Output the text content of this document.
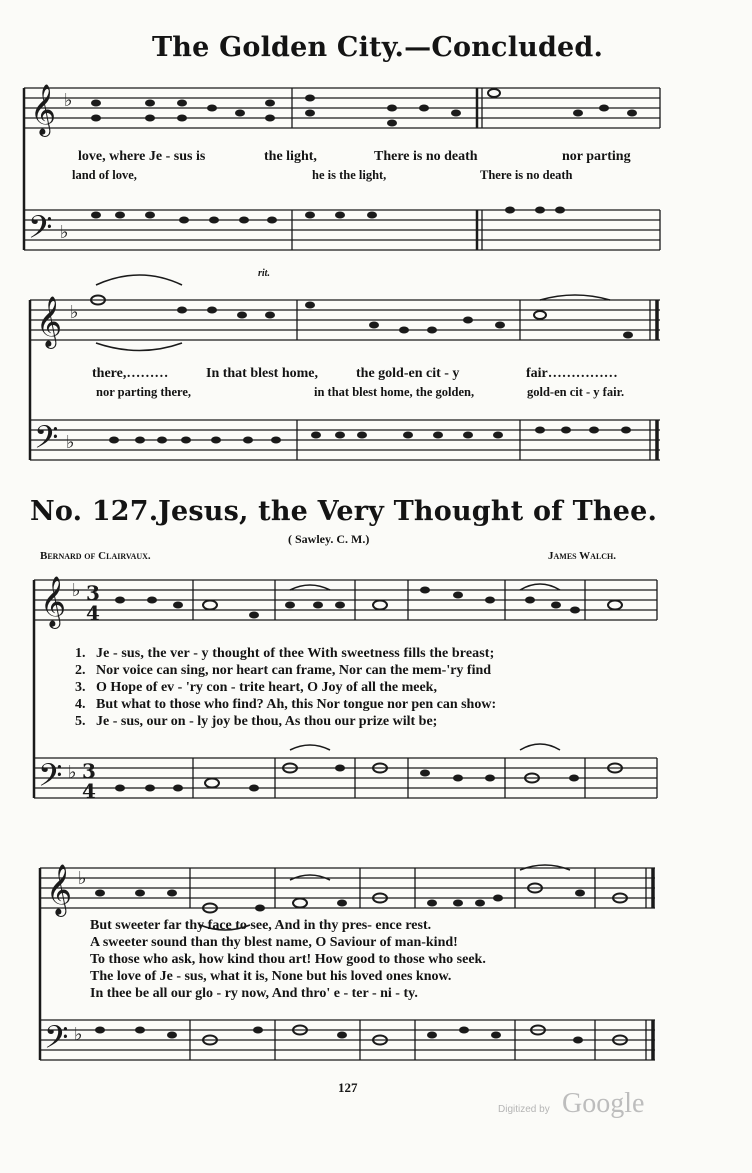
The Golden City.—Concluded.
𝄞
𝄢
𝄞
𝄢
𝄞
𝄢
𝄞
𝄢
♭
♭
♭
♭
♭
♭
♭
♭
3
4
3
4
rit.
love, where Je - sus is	the light,	There is no death	nor parting
land of love,	he is the light,	There is no death
there,………	In that blest home,	the gold-en cit - y	fair……………
nor parting there,	in that blest home, the golden,	gold-en cit - y fair.
No. 127. Jesus, the Very Thought of Thee.
( Sawley. C. M.)
Bernard of Clairvaux.	James Walch.
1. Je - sus, the ver - y thought of thee With sweetness fills the breast;
2. Nor voice can sing, nor heart can frame, Nor can the mem-'ry find
3. O Hope of ev - 'ry con - trite heart, O Joy of all the meek,
4. But what to those who find? Ah, this Nor tongue nor pen can show:
5. Je - sus, our on - ly joy be thou, As thou our prize wilt be;
But sweeter far thy face to see, And in thy pres- ence rest.
A sweeter sound than thy blest name, O Saviour of man-kind!
To those who ask, how kind thou art! How good to those who seek.
The love of Je - sus, what it is, None but his loved ones know.
In thee be all our glo - ry now, And thro' e - ter - ni - ty.
127
Digitized by Google
